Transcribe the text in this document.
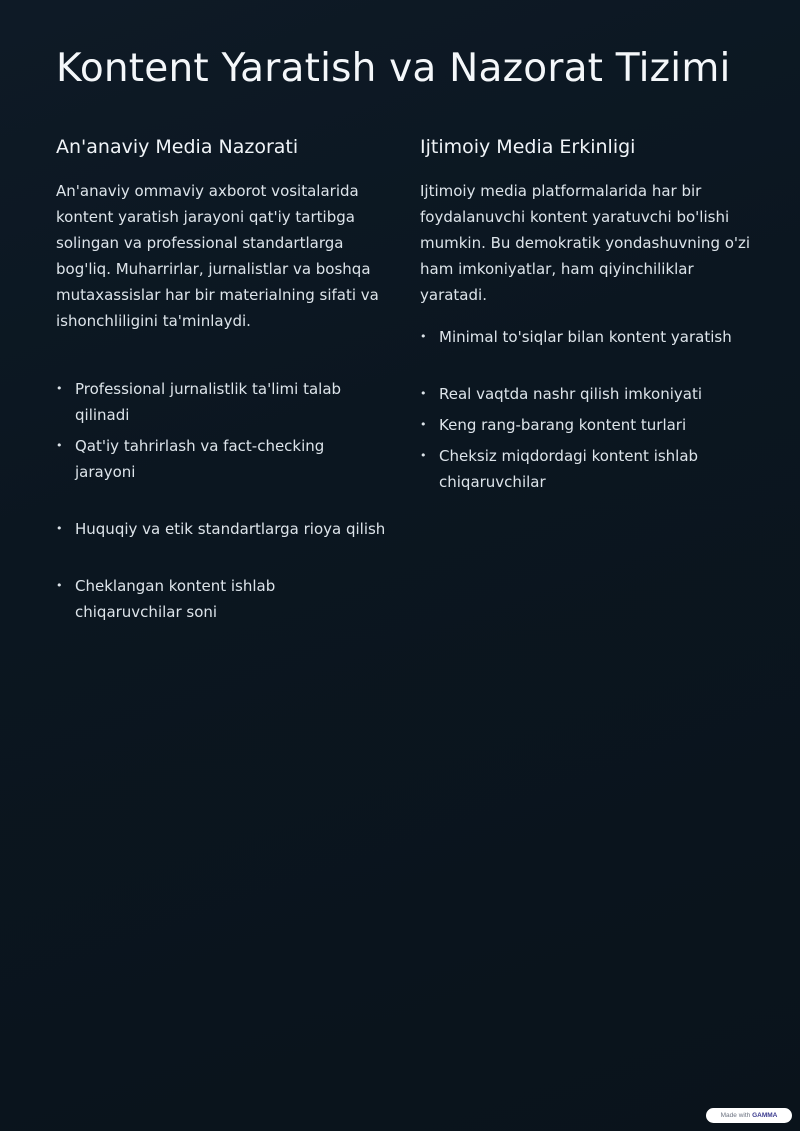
Kontent Yaratish va Nazorat Tizimi
An'anaviy Media Nazorati

An'anaviy ommaviy axborot vositalarida kontent yaratish jarayoni qat'iy tartibga solingan va professional standartlarga bog'liq. Muharrirlar, jurnalistlar va boshqa mutaxassislar har bir materialning sifati va ishonchliligini ta'minlaydi.

• Professional jurnalistlik ta'limi talab qilinadi
• Qat'iy tahrirlash va fact-checking jarayoni
• Huquqiy va etik standartlarga rioya qilish
• Cheklangan kontent ishlab chiqaruvchilar soni
Ijtimoiy Media Erkinligi

Ijtimoiy media platformalarida har bir foydalanuvchi kontent yaratuvchi bo'lishi mumkin. Bu demokratik yondashuvning o'zi ham imkoniyatlar, ham qiyinchiliklar yaratadi.

• Minimal to'siqlar bilan kontent yaratish
• Real vaqtda nashr qilish imkoniyati
• Keng rang-barang kontent turlari
• Cheksiz miqdordagi kontent ishlab chiqaruvchilar
Made with GAMMA
